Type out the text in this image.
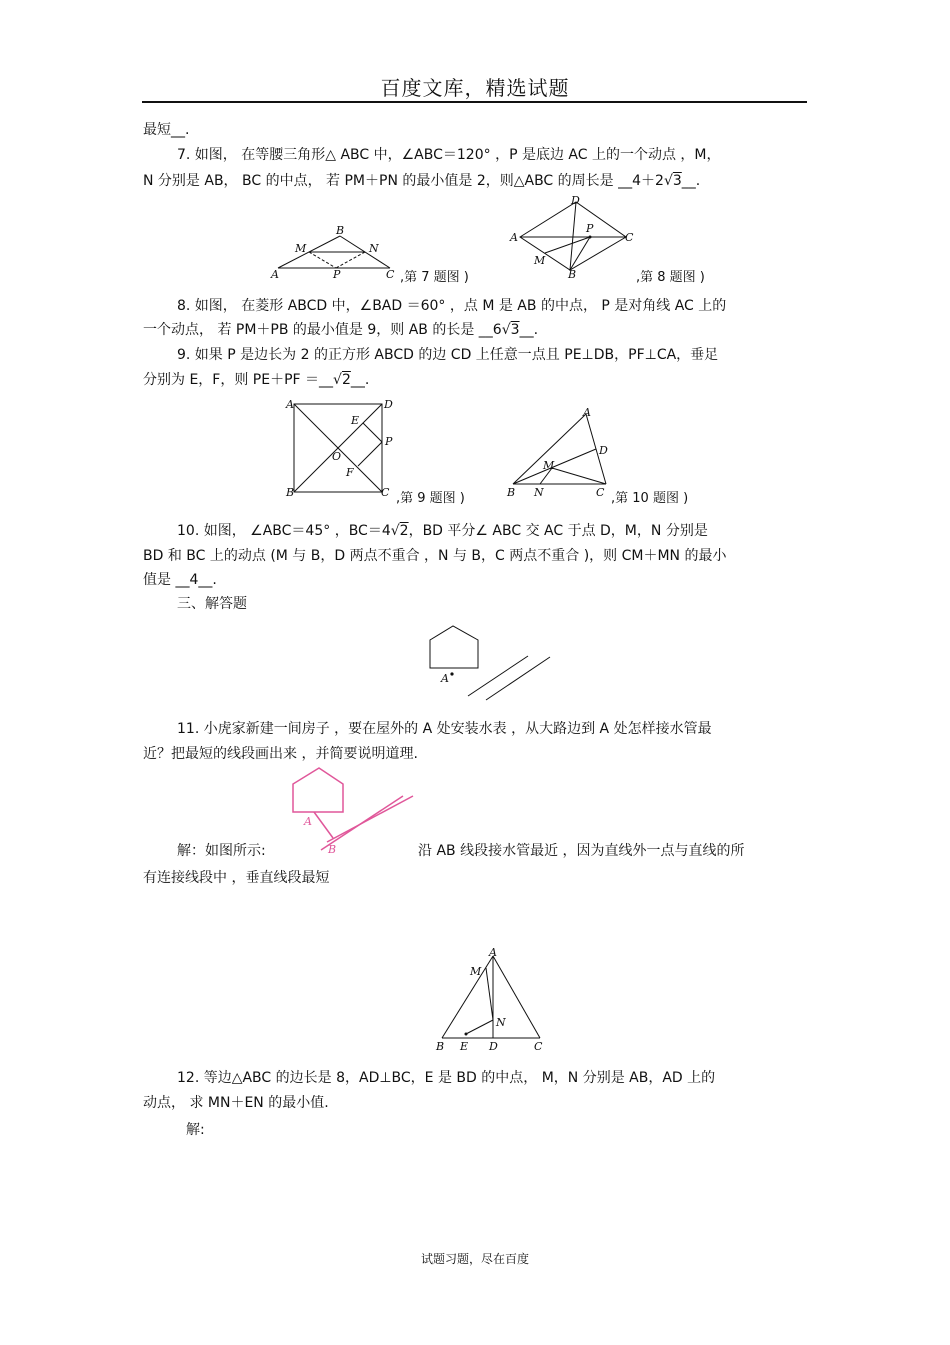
百度文库，精选试题
最短__.
7. 如图， 在等腰三角形△ ABC 中，∠ABC＝120° ，P 是底边 AC 上的一个动点 ，M，
N 分别是 AB， BC 的中点， 若 PM＋PN 的最小值是 2，则△ABC 的周长是 __4＋2√3__.
A
B
C
M	N
P	,第 7 题图 )
A
B
C
D
M
P
,第 8 题图 )
8. 如图， 在菱形 ABCD 中，∠BAD ＝60° ，点 M 是 AB 的中点， P 是对角线 AC 上的
一个动点， 若 PM＋PB 的最小值是 9，则 AB 的长是 __6√3__.
9. 如果 P 是边长为 2 的正方形 ABCD 的边 CD 上任意一点且 PE⊥DB，PF⊥CA，垂足
分别为 E，F，则 PE＋PF ＝__√2__.
A
B	C
D
E
F
O
P
,第 9 题图 )
A
B	C
D
M
N	,第 10 题图 )
10. 如图， ∠ABC＝45° ，BC＝4√2，BD 平分∠ ABC 交 AC 于点 D，M，N 分别是
BD 和 BC 上的动点 (M 与 B，D 两点不重合 ，N 与 B，C 两点不重合 )，则 CM＋MN 的最小
值是 __4__.
三、解答题
A
11. 小虎家新建一间房子 ，要在屋外的 A 处安装水表 ，从大路边到 A 处怎样接水管最
近？把最短的线段画出来 ，并简要说明道理.
A
B
解：如图所示:	沿 AB 线段接水管最近 ，因为直线外一点与直线的所
有连接线段中 ，垂直线段最短
A
B	C
D
E
M
N
12. 等边△ABC 的边长是 8，AD⊥BC，E 是 BD 的中点， M，N 分别是 AB，AD 上的
动点， 求 MN＋EN 的最小值.
解:
试题习题，尽在百度
